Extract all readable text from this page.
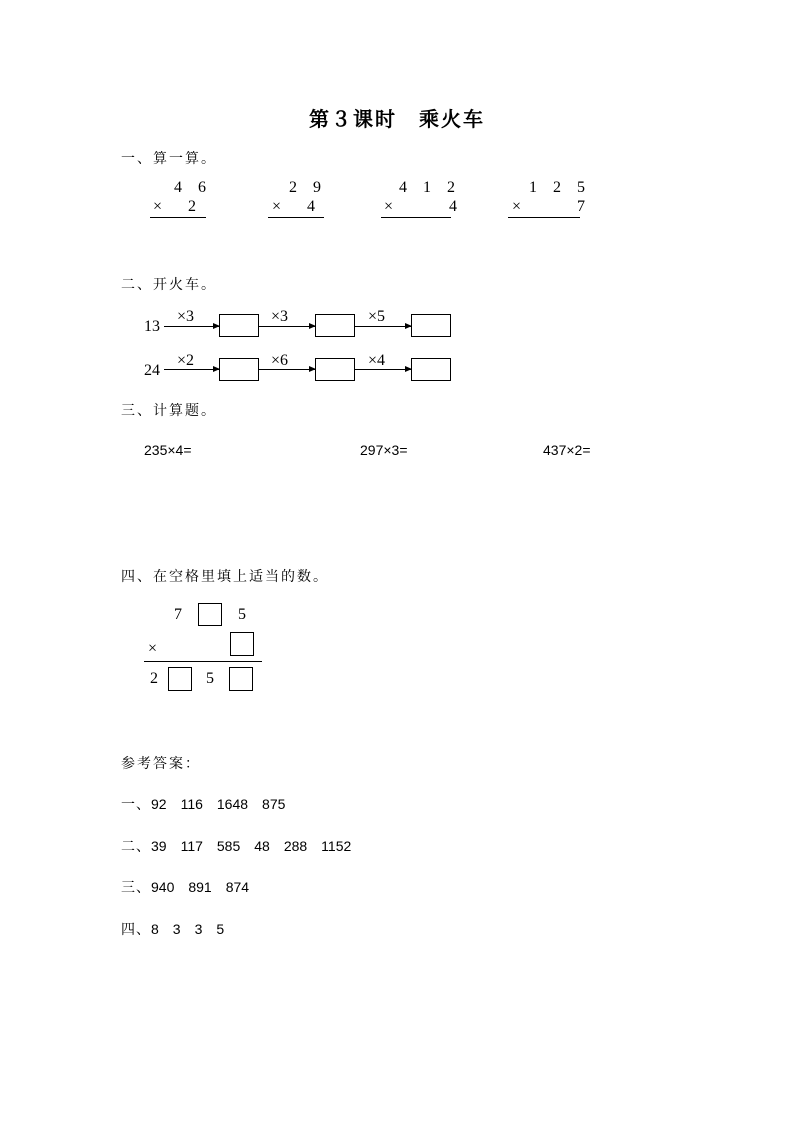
第３课时　乘火车
一、算一算。
4 6
×  2
2 9
×  4
4 1 2
×     4
1 2 5
×     7
二、开火车。
13
×3	×3	×5
24
×2	×6	×4
三、计算题。
235×4=	297×3=	437×2=
四、在空格里填上适当的数。
7	5
×
2	5
参考答案：
一、92　116　1648　875
二、39　117　585　48　288　1152
三、940　891　874
四、8　3　3　5
